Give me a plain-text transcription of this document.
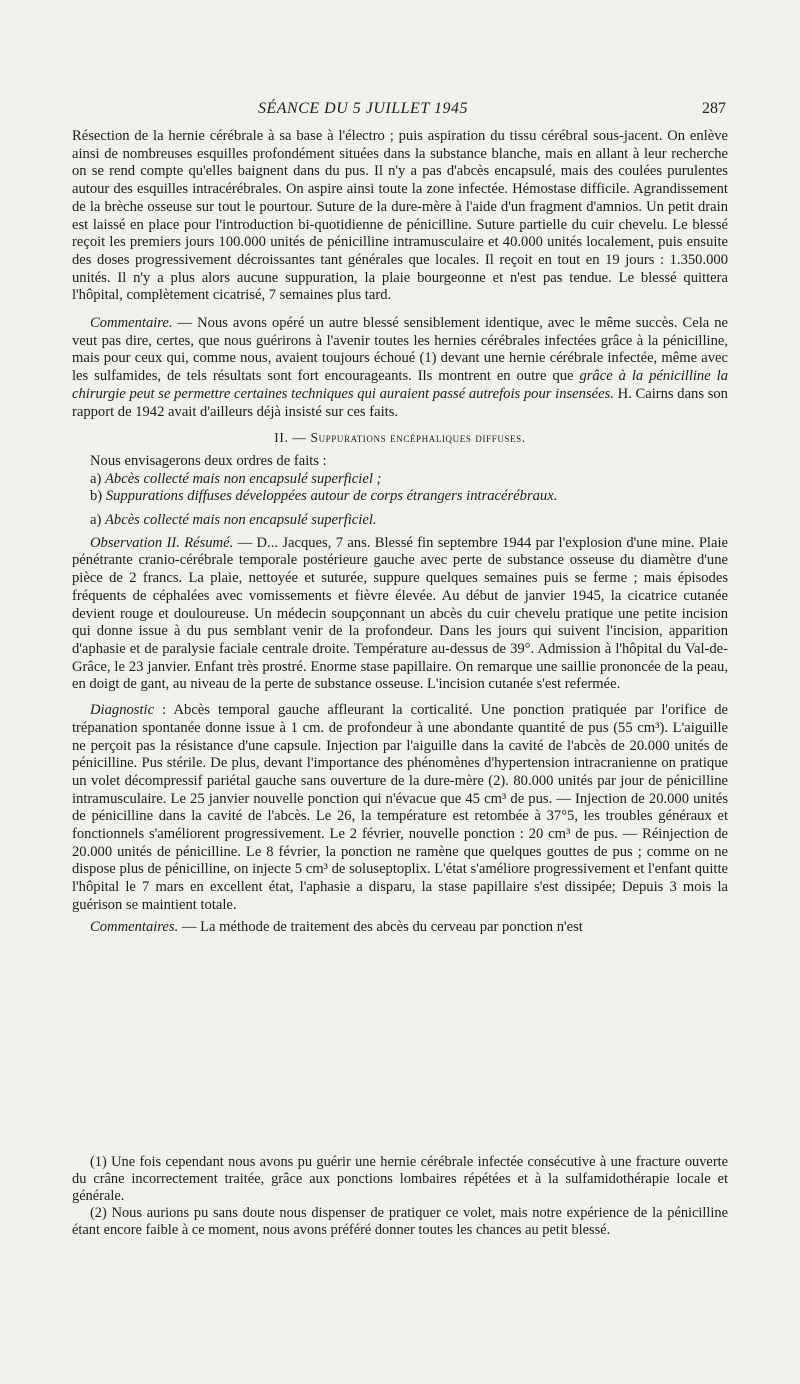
SÉANCE DU 5 JUILLET 1945	287

Résection de la hernie cérébrale à sa base à l'électro ; puis aspiration du tissu cérébral sous-jacent. On enlève ainsi de nombreuses esquilles profondément situées dans la substance blanche, mais en allant à leur recherche on se rend compte qu'elles baignent dans du pus. Il n'y a pas d'abcès encapsulé, mais des coulées purulentes autour des esquilles intracérébrales. On aspire ainsi toute la zone infectée. Hémostase difficile. Agrandissement de la brèche osseuse sur tout le pourtour. Suture de la dure-mère à l'aide d'un fragment d'amnios. Un petit drain est laissé en place pour l'introduction bi-quotidienne de pénicilline. Suture partielle du cuir chevelu. Le blessé reçoit les premiers jours 100.000 unités de pénicilline intramusculaire et 40.000 unités localement, puis ensuite des doses progressivement décroissantes tant générales que locales. Il reçoit en tout en 19 jours : 1.350.000 unités. Il n'y a plus alors aucune suppuration, la plaie bourgeonne et n'est pas tendue. Le blessé quittera l'hôpital, complètement cicatrisé, 7 semaines plus tard.

Commentaire. — Nous avons opéré un autre blessé sensiblement identique, avec le même succès. Cela ne veut pas dire, certes, que nous guérirons à l'avenir toutes les hernies cérébrales infectées grâce à la pénicilline, mais pour ceux qui, comme nous, avaient toujours échoué (1) devant une hernie cérébrale infectée, même avec les sulfamides, de tels résultats sont fort encourageants. Ils montrent en outre que grâce à la pénicilline la chirurgie peut se permettre certaines techniques qui auraient passé autrefois pour insensées. H. Cairns dans son rapport de 1942 avait d'ailleurs déjà insisté sur ces faits.

II. — Suppurations encéphaliques diffuses.

Nous envisagerons deux ordres de faits :

a) Abcès collecté mais non encapsulé superficiel ;

b) Suppurations diffuses développées autour de corps étrangers intracérébraux.

a) Abcès collecté mais non encapsulé superficiel.

Observation II. Résumé. — D... Jacques, 7 ans. Blessé fin septembre 1944 par l'explosion d'une mine. Plaie pénétrante cranio-cérébrale temporale postérieure gauche avec perte de substance osseuse du diamètre d'une pièce de 2 francs. La plaie, nettoyée et suturée, suppure quelques semaines puis se ferme ; mais épisodes fréquents de céphalées avec vomissements et fièvre élevée. Au début de janvier 1945, la cicatrice cutanée devient rouge et douloureuse. Un médecin soupçonnant un abcès du cuir chevelu pratique une petite incision qui donne issue à du pus semblant venir de la profondeur. Dans les jours qui suivent l'incision, apparition d'aphasie et de paralysie faciale centrale droite. Température au-dessus de 39°. Admission à l'hôpital du Val-de-Grâce, le 23 janvier. Enfant très prostré. Enorme stase papillaire. On remarque une saillie prononcée de la peau, en doigt de gant, au niveau de la perte de substance osseuse. L'incision cutanée s'est refermée.

Diagnostic : Abcès temporal gauche affleurant la corticalité. Une ponction pratiquée par l'orifice de trépanation spontanée donne issue à 1 cm. de profondeur à une abondante quantité de pus (55 cm³). L'aiguille ne perçoit pas la résistance d'une capsule. Injection par l'aiguille dans la cavité de l'abcès de 20.000 unités de pénicilline. Pus stérile. De plus, devant l'importance des phénomènes d'hypertension intracranienne on pratique un volet décompressif pariétal gauche sans ouverture de la dure-mère (2). 80.000 unités par jour de pénicilline intramusculaire. Le 25 janvier nouvelle ponction qui n'évacue que 45 cm³ de pus. — Injection de 20.000 unités de pénicilline dans la cavité de l'abcès. Le 26, la température est retombée à 37°5, les troubles généraux et fonctionnels s'améliorent progressivement. Le 2 février, nouvelle ponction : 20 cm³ de pus. — Réinjection de 20.000 unités de pénicilline. Le 8 février, la ponction ne ramène que quelques gouttes de pus ; comme on ne dispose plus de pénicilline, on injecte 5 cm³ de soluseptoplix. L'état s'améliore progressivement et l'enfant quitte l'hôpital le 7 mars en excellent état, l'aphasie a disparu, la stase papillaire s'est dissipée; Depuis 3 mois la guérison se maintient totale.

Commentaires. — La méthode de traitement des abcès du cerveau par ponction n'est

(1) Une fois cependant nous avons pu guérir une hernie cérébrale infectée consécutive à une fracture ouverte du crâne incorrectement traitée, grâce aux ponctions lombaires répétées et à la sulfamidothérapie locale et générale.

(2) Nous aurions pu sans doute nous dispenser de pratiquer ce volet, mais notre expérience de la pénicilline étant encore faible à ce moment, nous avons préféré donner toutes les chances au petit blessé.
